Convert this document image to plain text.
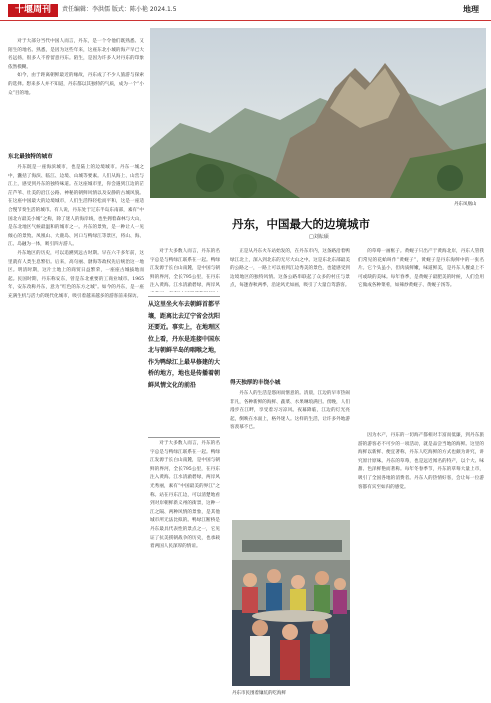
十堰周刊	责任编辑：李洪儒 版式：陈小艳 2024.1.5	地理

对于大部分当代中国人而言，丹东，是一个令他们既熟悉、又陌生的地名。熟悉，是因为这些年来，这座东北小城的海产早已大名远扬，很多人不曾留意丹东。陌生，是因为许多人对丹东的印象依然模糊。

如今，由于距离朝鲜最近的缘故，丹东成了不少人旅游与探索的选择。想来多人并不知道，丹东都以其独特的气质，成为一个“小众”目的地。

东北最独特的城市

丹东既是一座海滨城市，也是陆上的边境城市。丹东一城之中，囊括了海滨、临江、边境、山城等要素。人们从海上、山峦与江上，感受到丹东的独特味道。在这座城市里，你会遇到江边的茫茫芦苇、壮美的沿江公路、神秘的朝鲜风情以及安静的古城风貌。在这座中国最大的边境城市，人们生活得轻松而平和，这是一座适合慢节奏生活的城市。有人说，丹东处于辽东半岛东南部，素有“中国北方最美小城”之称，除了迷人的海岸线，也坐拥着森林与大山，是东北地区气候最温和的城市之一。丹东的景致，是一种让人一见倾心的景致。凤凰山、大鹿岛、河口与鸭绿江等景区，将山、海、江、岛融为一体，吸引四方游人。

丹东地区的历史，可以追溯到远古时期。早在六千多年前，这里就有人类生息繁衍。后来，高句丽、渤海等政权先后统治这一地区。明清时期，这片土地上的商贸日益繁荣，一座座古城拔地而起。民国时期，丹东称安东，曾是东北重要的工商业城市。1965年，安东改称丹东，意为“红色的东方之城”。如今的丹东，是一座充满生机与活力的现代化城市，吸引着越来越多的游客前来探访。

丹东凤凰山
丹东，中国最大的边境城市
□刘耘硕

对于大多数人而言，丹东的名字总是与鸭绿江联系在一起。鸭绿江发源于长白山南麓，是中国与朝鲜的界河，全长795公里，在丹东注入黄海。江水清澈碧绿，两岸风

从这里坐火车去朝鲜首都平壤，距离比去辽宁省会沈阳还要近。事实上，在地理区位上看，丹东是连接中国东北与朝鲜半岛的咽喉之地，作为鸭绿江上最早修建的大桥的地方，地也是传播着朝鲜风情文化的前沿

对于大多数人而言，丹东的名字总是与鸭绿江联系在一起。鸭绿江发源于长白山南麓，是中国与朝鲜的界河，全长795公里，在丹东注入黄海。江水清澈碧绿，两岸风光秀丽，素有“中国最美的界江”之称。站在丹东江边，可以清楚地看到对岸朝鲜新义州的街景，这种一江之隔、两种风情的景象，是其他城市所无法比拟的。鸭绿江断桥是丹东最具代表性的景点之一，它见证了抗美援朝战争的历史，也承载着两国人民深厚的情谊。

正是从丹东火车站始发的，在丹东市内，这条路沿着鸭绿江北上，深入到北东的无尽大山之中。这是东北东部最美的公路之一，一路上可以看到江边秀美的景色，也能感受到边境地区的独特风情。这条公路串联起了众多的村庄与景点，每逢春秋两季，沿途风光如画，吸引了大量自驾游客。

得天独厚的丰饶小城

丹东人的生活是悠闲而惬意的。清晨，江边的早市热闹非凡，各种新鲜的海鲜、蔬菜、水果琳琅满目。傍晚，人们漫步在江畔，享受着习习凉风。夜幕降临，江边的灯光亮起，倒映在水面上，格外迷人。这样的生活，让许多外地游客羡慕不已。

丹东市民围着镶坑的吃海鲜

的草莓一画框子。黄蚬子只出产于黄海北岸，丹东人管我们常见的花蛤叫作“黄蚬子”，黄蚬子是丹东海鲜中的一张名片。它个头虽小，但肉质鲜嫩，味道鲜美，是丹东人餐桌上不可或缺的美味。每年春季，是黄蚬子最肥美的时候，人们会用它做成各种菜肴，如辣炒黄蚬子、黄蚬子汤等。

因为水产，丹东的一切海产都相对丰富而低廉，到丹东旅游的游客必不可少的一项活动，就是品尝当地的海鲜。这里的海鲜以新鲜、便宜著称，丹东人吃海鲜的方式也颇为讲究，讲究原汁原味。丹东的草莓，也是远近闻名的特产，以个大、味甜、色泽鲜艳而著称。每年冬春季节，丹东的草莓大量上市，吸引了全国各地的消费者。丹东人的热情好客，会让每一位游客都有宾至如归的感觉。
